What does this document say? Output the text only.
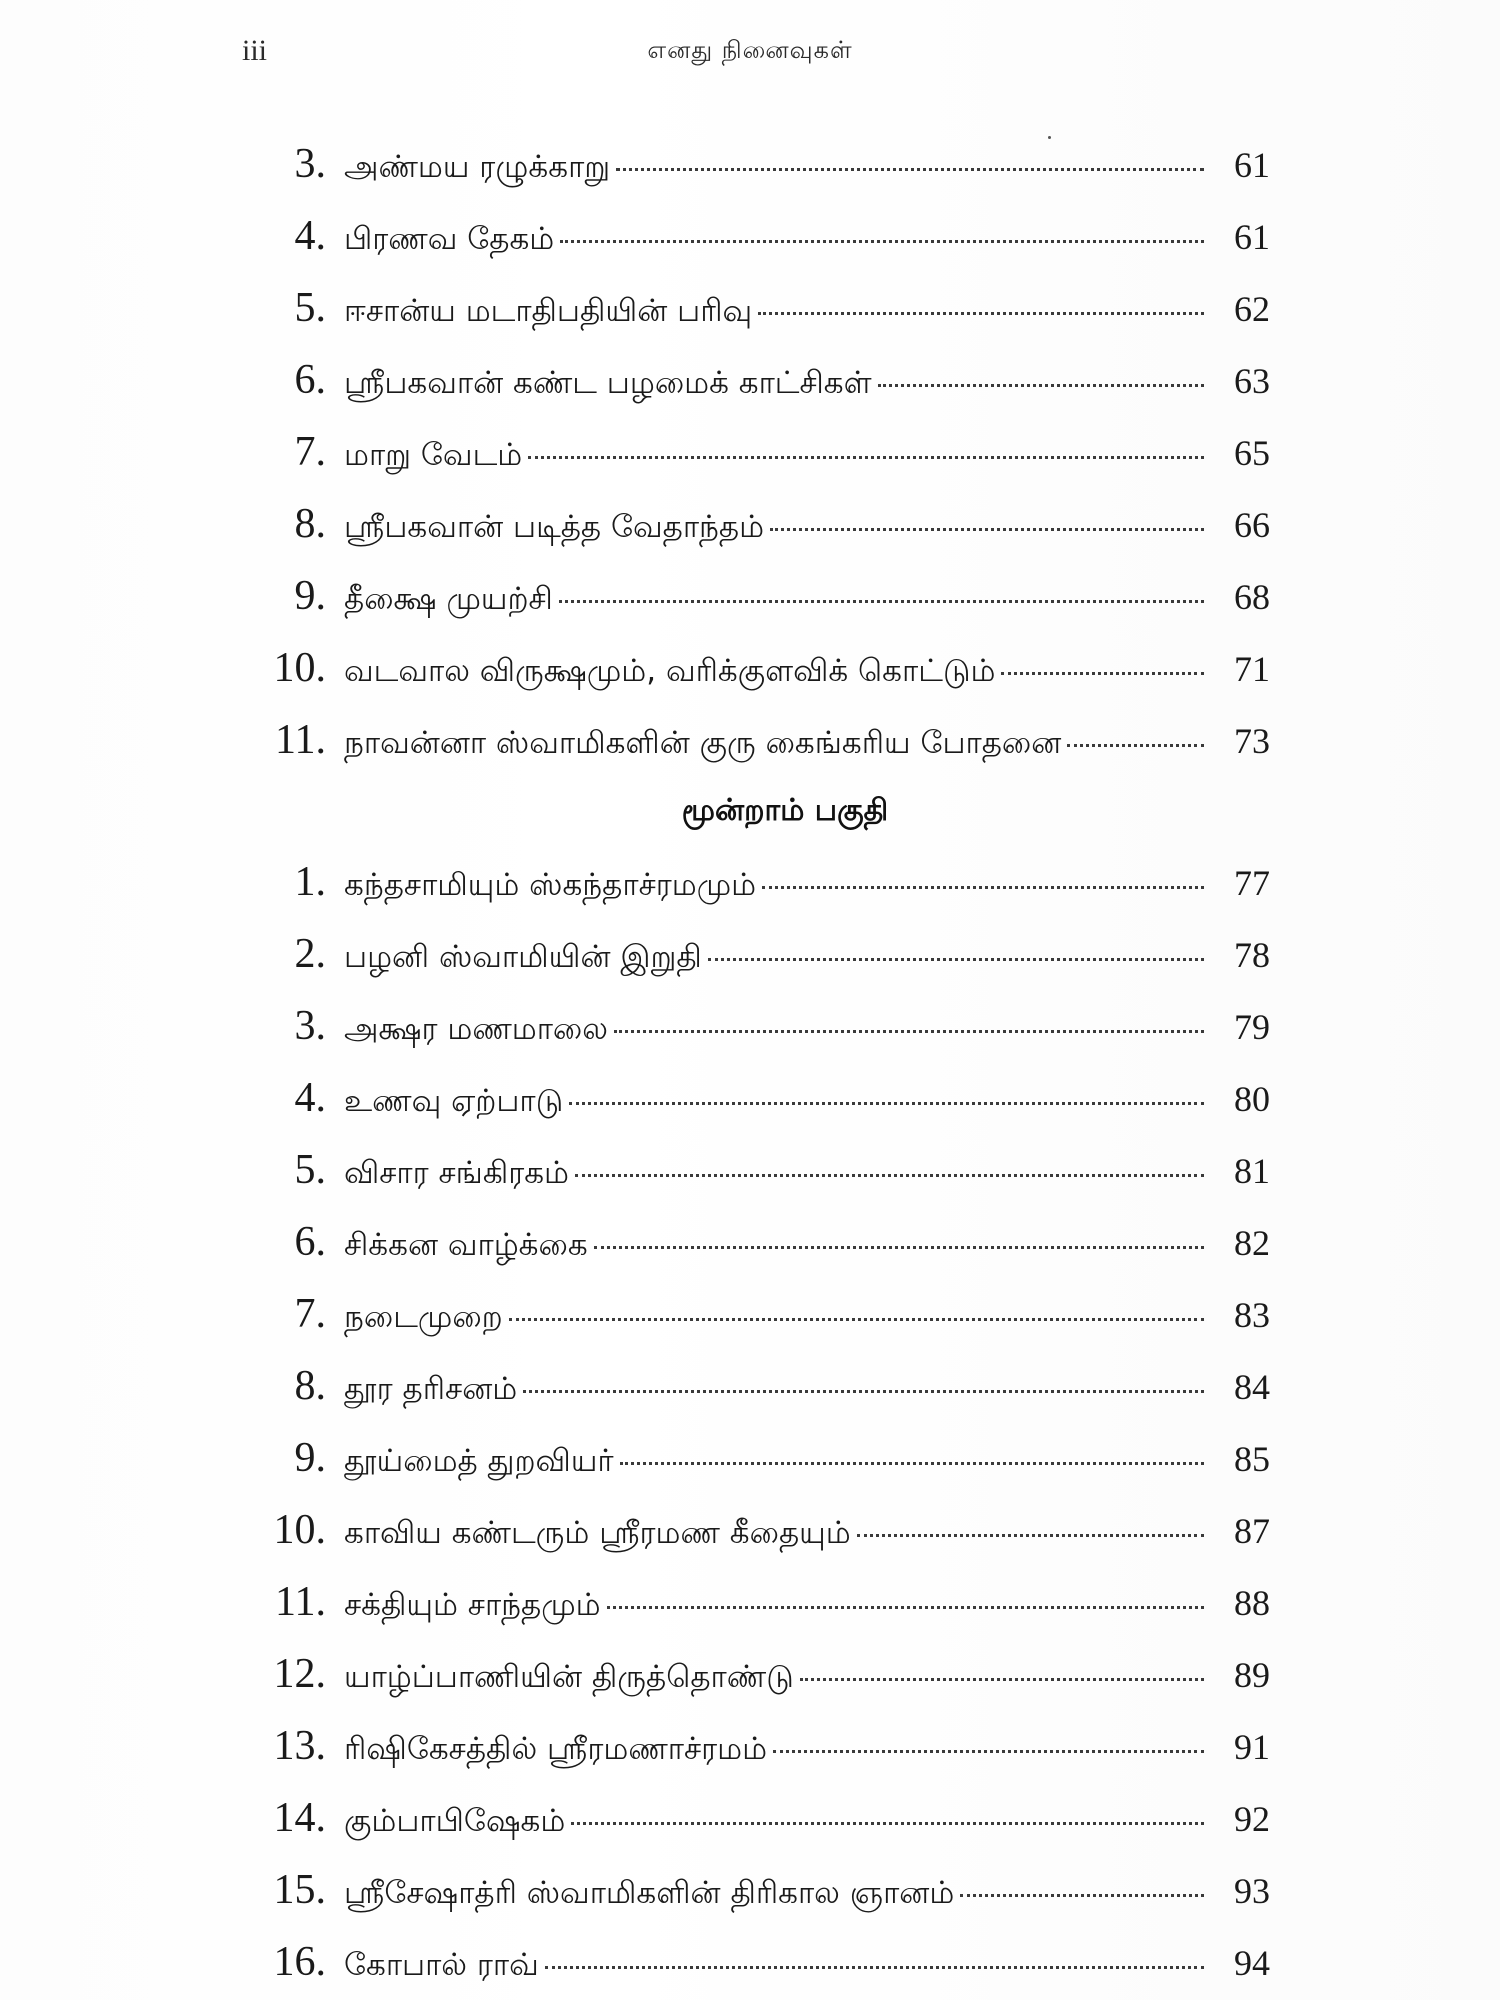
iii	எனது நினைவுகள்
3. அண்மய ரழுக்காறு	61
4. பிரணவ தேகம்	61
5. ஈசான்ய மடாதிபதியின் பரிவு	62
6. ஸ்ரீபகவான் கண்ட பழமைக் காட்சிகள்	63
7. மாறு வேடம்	65
8. ஸ்ரீபகவான் படித்த வேதாந்தம்	66
9. தீக்ஷை முயற்சி	68
10. வடவால விருக்ஷமும், வரிக்குளவிக் கொட்டும்	71
11. நாவன்னா ஸ்வாமிகளின் குரு கைங்கரிய போதனை	73
மூன்றாம் பகுதி
1. கந்தசாமியும் ஸ்கந்தாச்ரமமும்	77
2. பழனி ஸ்வாமியின் இறுதி	78
3. அக்ஷர மணமாலை	79
4. உணவு ஏற்பாடு	80
5. விசார சங்கிரகம்	81
6. சிக்கன வாழ்க்கை	82
7. நடைமுறை	83
8. தூர தரிசனம்	84
9. தூய்மைத் துறவியர்	85
10. காவிய கண்டரும் ஸ்ரீரமண கீதையும்	87
11. சக்தியும் சாந்தமும்	88
12. யாழ்ப்பாணியின் திருத்தொண்டு	89
13. ரிஷிகேசத்தில் ஸ்ரீரமணாச்ரமம்	91
14. கும்பாபிஷேகம்	92
15. ஸ்ரீசேஷாத்ரி ஸ்வாமிகளின் திரிகால ஞானம்	93
16. கோபால் ராவ்	94
